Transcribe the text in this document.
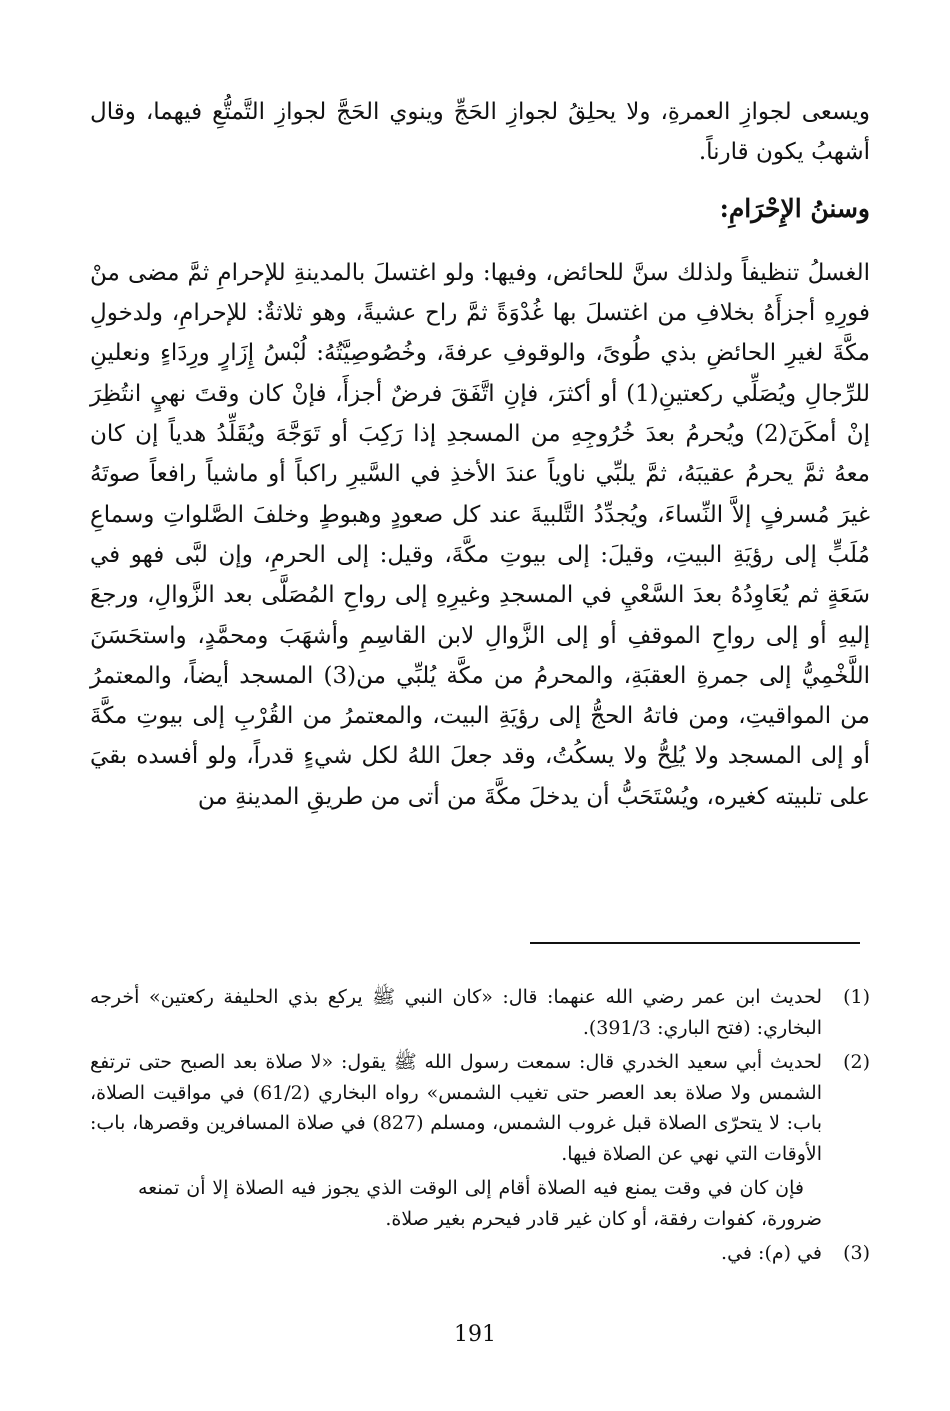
ويسعى لجوازِ العمرةِ، ولا يحلِقُ لجوازِ الحَجِّ وينوي الحَجَّ لجوازِ التَّمتُّعِ فيهما، وقال أشهبُ يكون قارناً.

وسننُ الإِحْرَامِ:

الغسلُ تنظيفاً ولذلك سنَّ للحائض، وفيها: ولو اغتسلَ بالمدينةِ للإحرامِ ثمَّ مضى منْ فورِهِ أجزأَهُ بخلافِ من اغتسلَ بها غُدْوَةً ثمَّ راح عشيةً، وهو ثلاثةٌ: للإحرامِ، ولدخولِ مكَّةَ لغيرِ الحائضِ بذي طُوىً، والوقوفِ عرفةَ، وخُصُوصِيَّتُهُ: لُبْسُ إِزَارٍ ورِدَاءٍ ونعلينِ للرِّجالِ ويُصَلِّي ركعتينِ(1) أو أكثرَ، فإنِ اتَّفَقَ فرضٌ أجزأَ، فإنْ كان وقتَ نهيٍ انتُظِرَ إنْ أمكَنَ(2) ويُحرمُ بعدَ خُرُوجِهِ من المسجدِ إذا رَكِبَ أو تَوَجَّهَ ويُقَلِّدُ هدياً إن كان معهُ ثمَّ يحرمُ عقيبَهُ، ثمَّ يلبِّي ناوياً عندَ الأخذِ في السَّيرِ راكباً أو ماشياً رافعاً صوتَهُ غيرَ مُسرفٍ إلاَّ النِّساءَ، ويُجدِّدُ التَّلبيةَ عند كل صعودٍ وهبوطٍ وخلفَ الصَّلواتِ وسماعِ مُلَبٍّ إلى رؤيَةِ البيتِ، وقيلَ: إلى بيوتِ مكَّةَ، وقيل: إلى الحرمِ، وإن لبَّى فهو في سَعَةٍ ثم يُعَاوِدُهُ بعدَ السَّعْيِ في المسجدِ وغيرِهِ إلى رواحِ المُصَلَّى بعد الزَّوالِ، ورجعَ إليهِ أو إلى رواحِ الموقفِ أو إلى الزَّوالِ لابن القاسِمِ وأشهَبَ ومحمَّدٍ، واستحَسَنَ اللَّخْمِيُّ إلى جمرةِ العقبَةِ، والمحرمُ من مكَّة يُلبِّي من(3) المسجد أيضاً، والمعتمرُ من المواقيتِ، ومن فاتهُ الحجُّ إلى رؤيَةِ البيت، والمعتمرُ من القُرْبِ إلى بيوتِ مكَّةَ أو إلى المسجد ولا يُلِحُّ ولا يسكُتُ، وقد جعلَ اللهُ لكل شيءٍ قدراً، ولو أفسده بقيَ على تلبيته كغيره، ويُسْتَحَبُّ أن يدخلَ مكَّةَ من أتى من طريقِ المدينةِ من

(1)
لحديث ابن عمر رضي الله عنهما: قال: «كان النبي ﷺ يركع بذي الحليفة ركعتين» أخرجه البخاري: (فتح الباري: 391/3).
(2)
لحديث أبي سعيد الخدري قال: سمعت رسول الله ﷺ يقول: «لا صلاة بعد الصبح حتى ترتفع الشمس ولا صلاة بعد العصر حتى تغيب الشمس» رواه البخاري (61/2) في مواقيت الصلاة، باب: لا يتحرّى الصلاة قبل غروب الشمس، ومسلم (827) في صلاة المسافرين وقصرها، باب: الأوقات التي نهي عن الصلاة فيها.
فإن كان في وقت يمنع فيه الصلاة أقام إلى الوقت الذي يجوز فيه الصلاة إلا أن تمنعه ضرورة، كفوات رفقة، أو كان غير قادر فيحرم بغير صلاة.
(3)
في (م): في.
191
